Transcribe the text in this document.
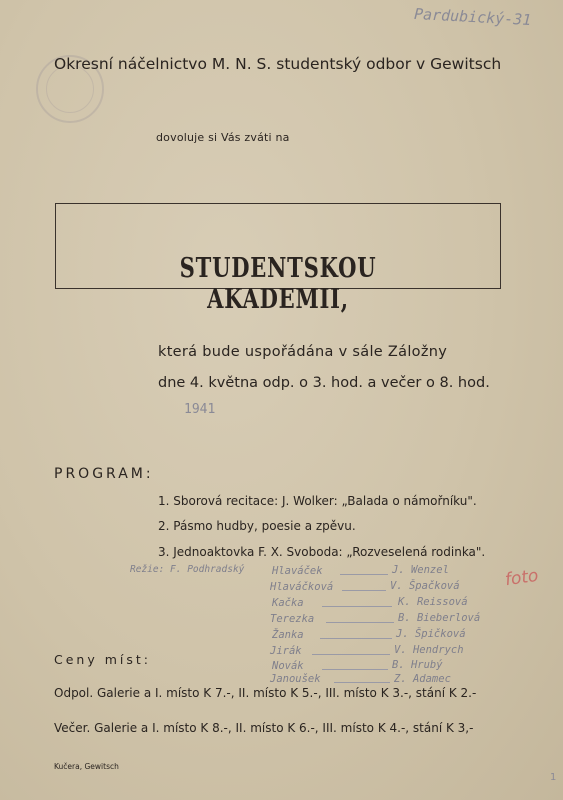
Pardubický-31

Okresní náčelnictvo M. N. S. studentský odbor v Gewitsch

dovoluje si Vás zváti na

STUDENTSKOU AKADEMII,

která bude uspořádána v sále Záložny

dne 4. května odp. o 3. hod. a večer o 8. hod.

1941

PROGRAM:

1. Sborová recitace: J. Wolker: „Balada o námořníku".

2. Pásmo hudby, poesie a zpěvu.

3. Jednoaktovka F. X. Svoboda: „Rozveselená rodinka".

Režie: F. Podhradský	Hlaváček	J. Wenzel

Hlaváčková	V. Špačková

Kačka	K. Reissová

Terezka	B. Bieberlová

Žanka	J. Špičková

Jirák	V. Hendrych

Novák	B. Hrubý

Janoušek	Z. Adamec

foto

Ceny míst:

Odpol. Galerie a I. místo K 7.-, II. místo K 5.-, III. místo K 3.-, stání K 2.-

Večer. Galerie a I. místo K 8.-, II. místo K 6.-, III. místo K 4.-, stání K 3,-

Kučera, Gewitsch

1
